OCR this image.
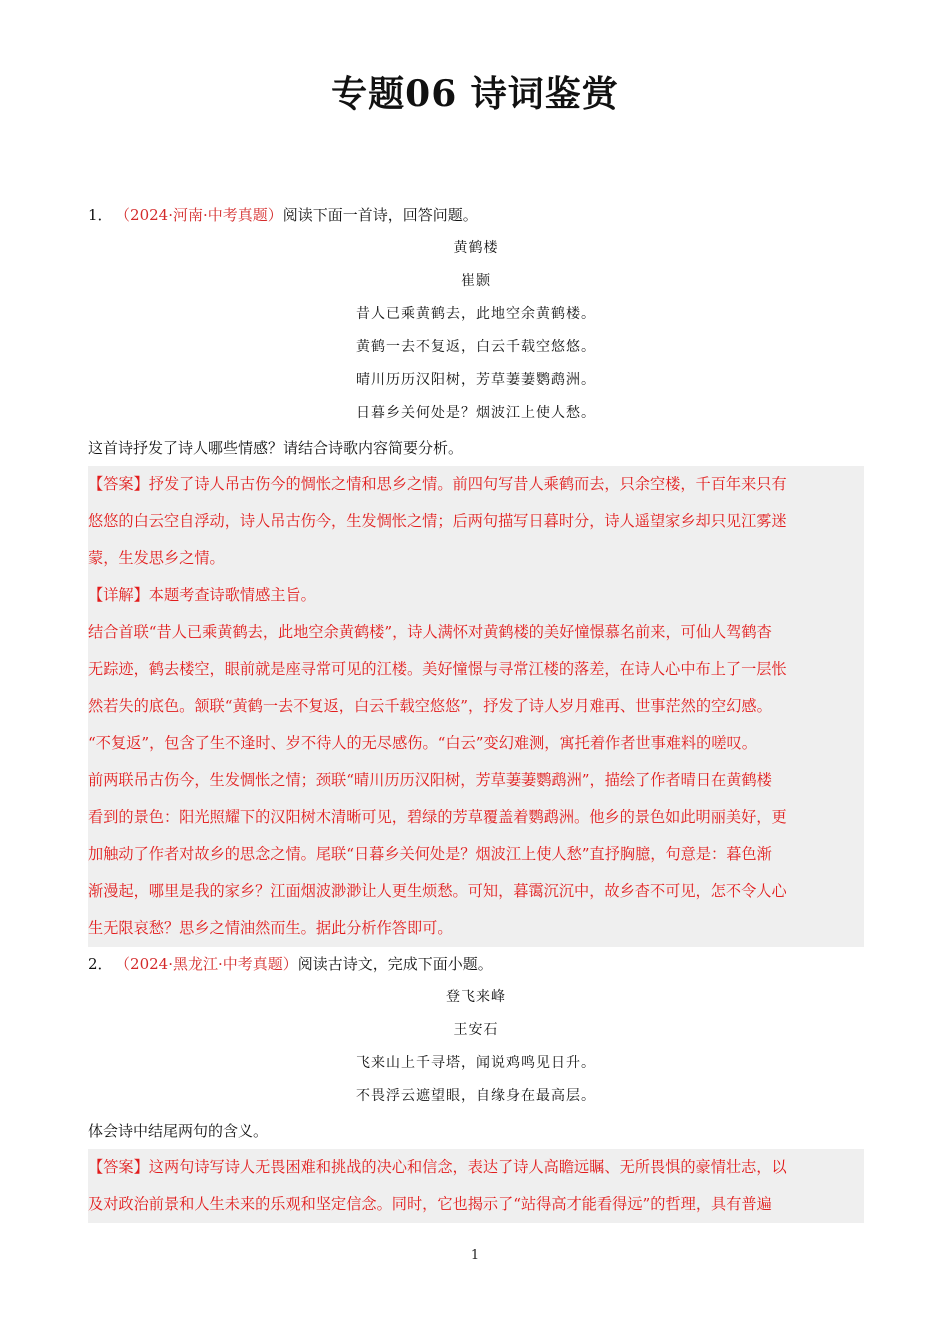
专题06 诗词鉴赏
1． （2024·河南·中考真题）阅读下面一首诗，回答问题。
黄鹤楼
崔颢
昔人已乘黄鹤去，此地空余黄鹤楼。
黄鹤一去不复返，白云千载空悠悠。
晴川历历汉阳树，芳草萋萋鹦鹉洲。
日暮乡关何处是？烟波江上使人愁。
这首诗抒发了诗人哪些情感？请结合诗歌内容简要分析。
【答案】抒发了诗人吊古伤今的惆怅之情和思乡之情。前四句写昔人乘鹤而去，只余空楼，千百年来只有
悠悠的白云空自浮动，诗人吊古伤今，生发惆怅之情；后两句描写日暮时分，诗人遥望家乡却只见江雾迷
蒙，生发思乡之情。
【详解】本题考查诗歌情感主旨。
结合首联“昔人已乘黄鹤去，此地空余黄鹤楼”，诗人满怀对黄鹤楼的美好憧憬慕名前来，可仙人驾鹤杳
无踪迹，鹤去楼空，眼前就是座寻常可见的江楼。美好憧憬与寻常江楼的落差，在诗人心中布上了一层怅
然若失的底色。颔联“黄鹤一去不复返，白云千载空悠悠”，抒发了诗人岁月难再、世事茫然的空幻感。
“不复返”，包含了生不逢时、岁不待人的无尽感伤。“白云”变幻难测，寓托着作者世事难料的嗟叹。
前两联吊古伤今，生发惆怅之情；颈联“晴川历历汉阳树，芳草萋萋鹦鹉洲”，描绘了作者晴日在黄鹤楼
看到的景色：阳光照耀下的汉阳树木清晰可见，碧绿的芳草覆盖着鹦鹉洲。他乡的景色如此明丽美好，更
加触动了作者对故乡的思念之情。尾联“日暮乡关何处是？烟波江上使人愁”直抒胸臆，句意是：暮色渐
渐漫起，哪里是我的家乡？江面烟波渺渺让人更生烦愁。可知，暮霭沉沉中，故乡杳不可见，怎不令人心
生无限哀愁？思乡之情油然而生。据此分析作答即可。
2． （2024·黑龙江·中考真题）阅读古诗文，完成下面小题。
登飞来峰
王安石
飞来山上千寻塔，闻说鸡鸣见日升。
不畏浮云遮望眼，自缘身在最高层。
体会诗中结尾两句的含义。
【答案】这两句诗写诗人无畏困难和挑战的决心和信念，表达了诗人高瞻远瞩、无所畏惧的豪情壮志，以
及对政治前景和人生未来的乐观和坚定信念。同时，它也揭示了“站得高才能看得远”的哲理，具有普遍
1
